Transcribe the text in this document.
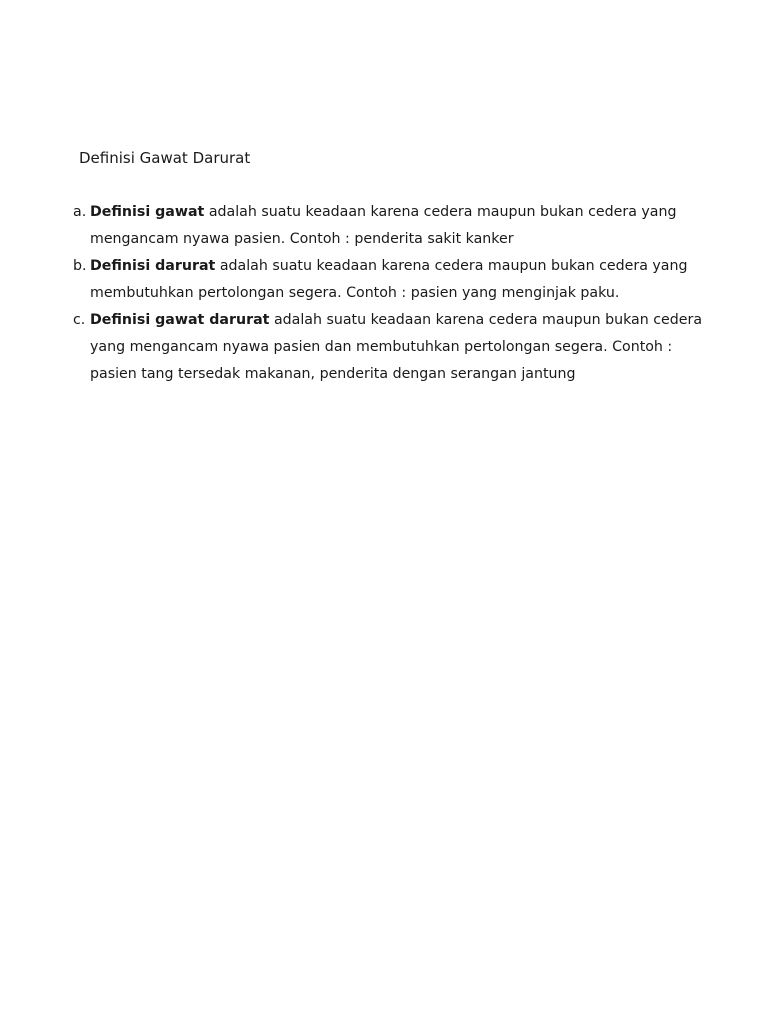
Definisi Gawat Darurat
a. Definisi gawat adalah suatu keadaan karena cedera maupun bukan cedera yang mengancam nyawa pasien. Contoh : penderita sakit kanker
b. Definisi darurat adalah suatu keadaan karena cedera maupun bukan cedera yang membutuhkan pertolongan segera. Contoh : pasien yang menginjak paku.
c. Definisi gawat darurat adalah suatu keadaan karena cedera maupun bukan cedera yang mengancam nyawa pasien dan membutuhkan pertolongan segera. Contoh : pasien tang tersedak makanan, penderita dengan serangan jantung
